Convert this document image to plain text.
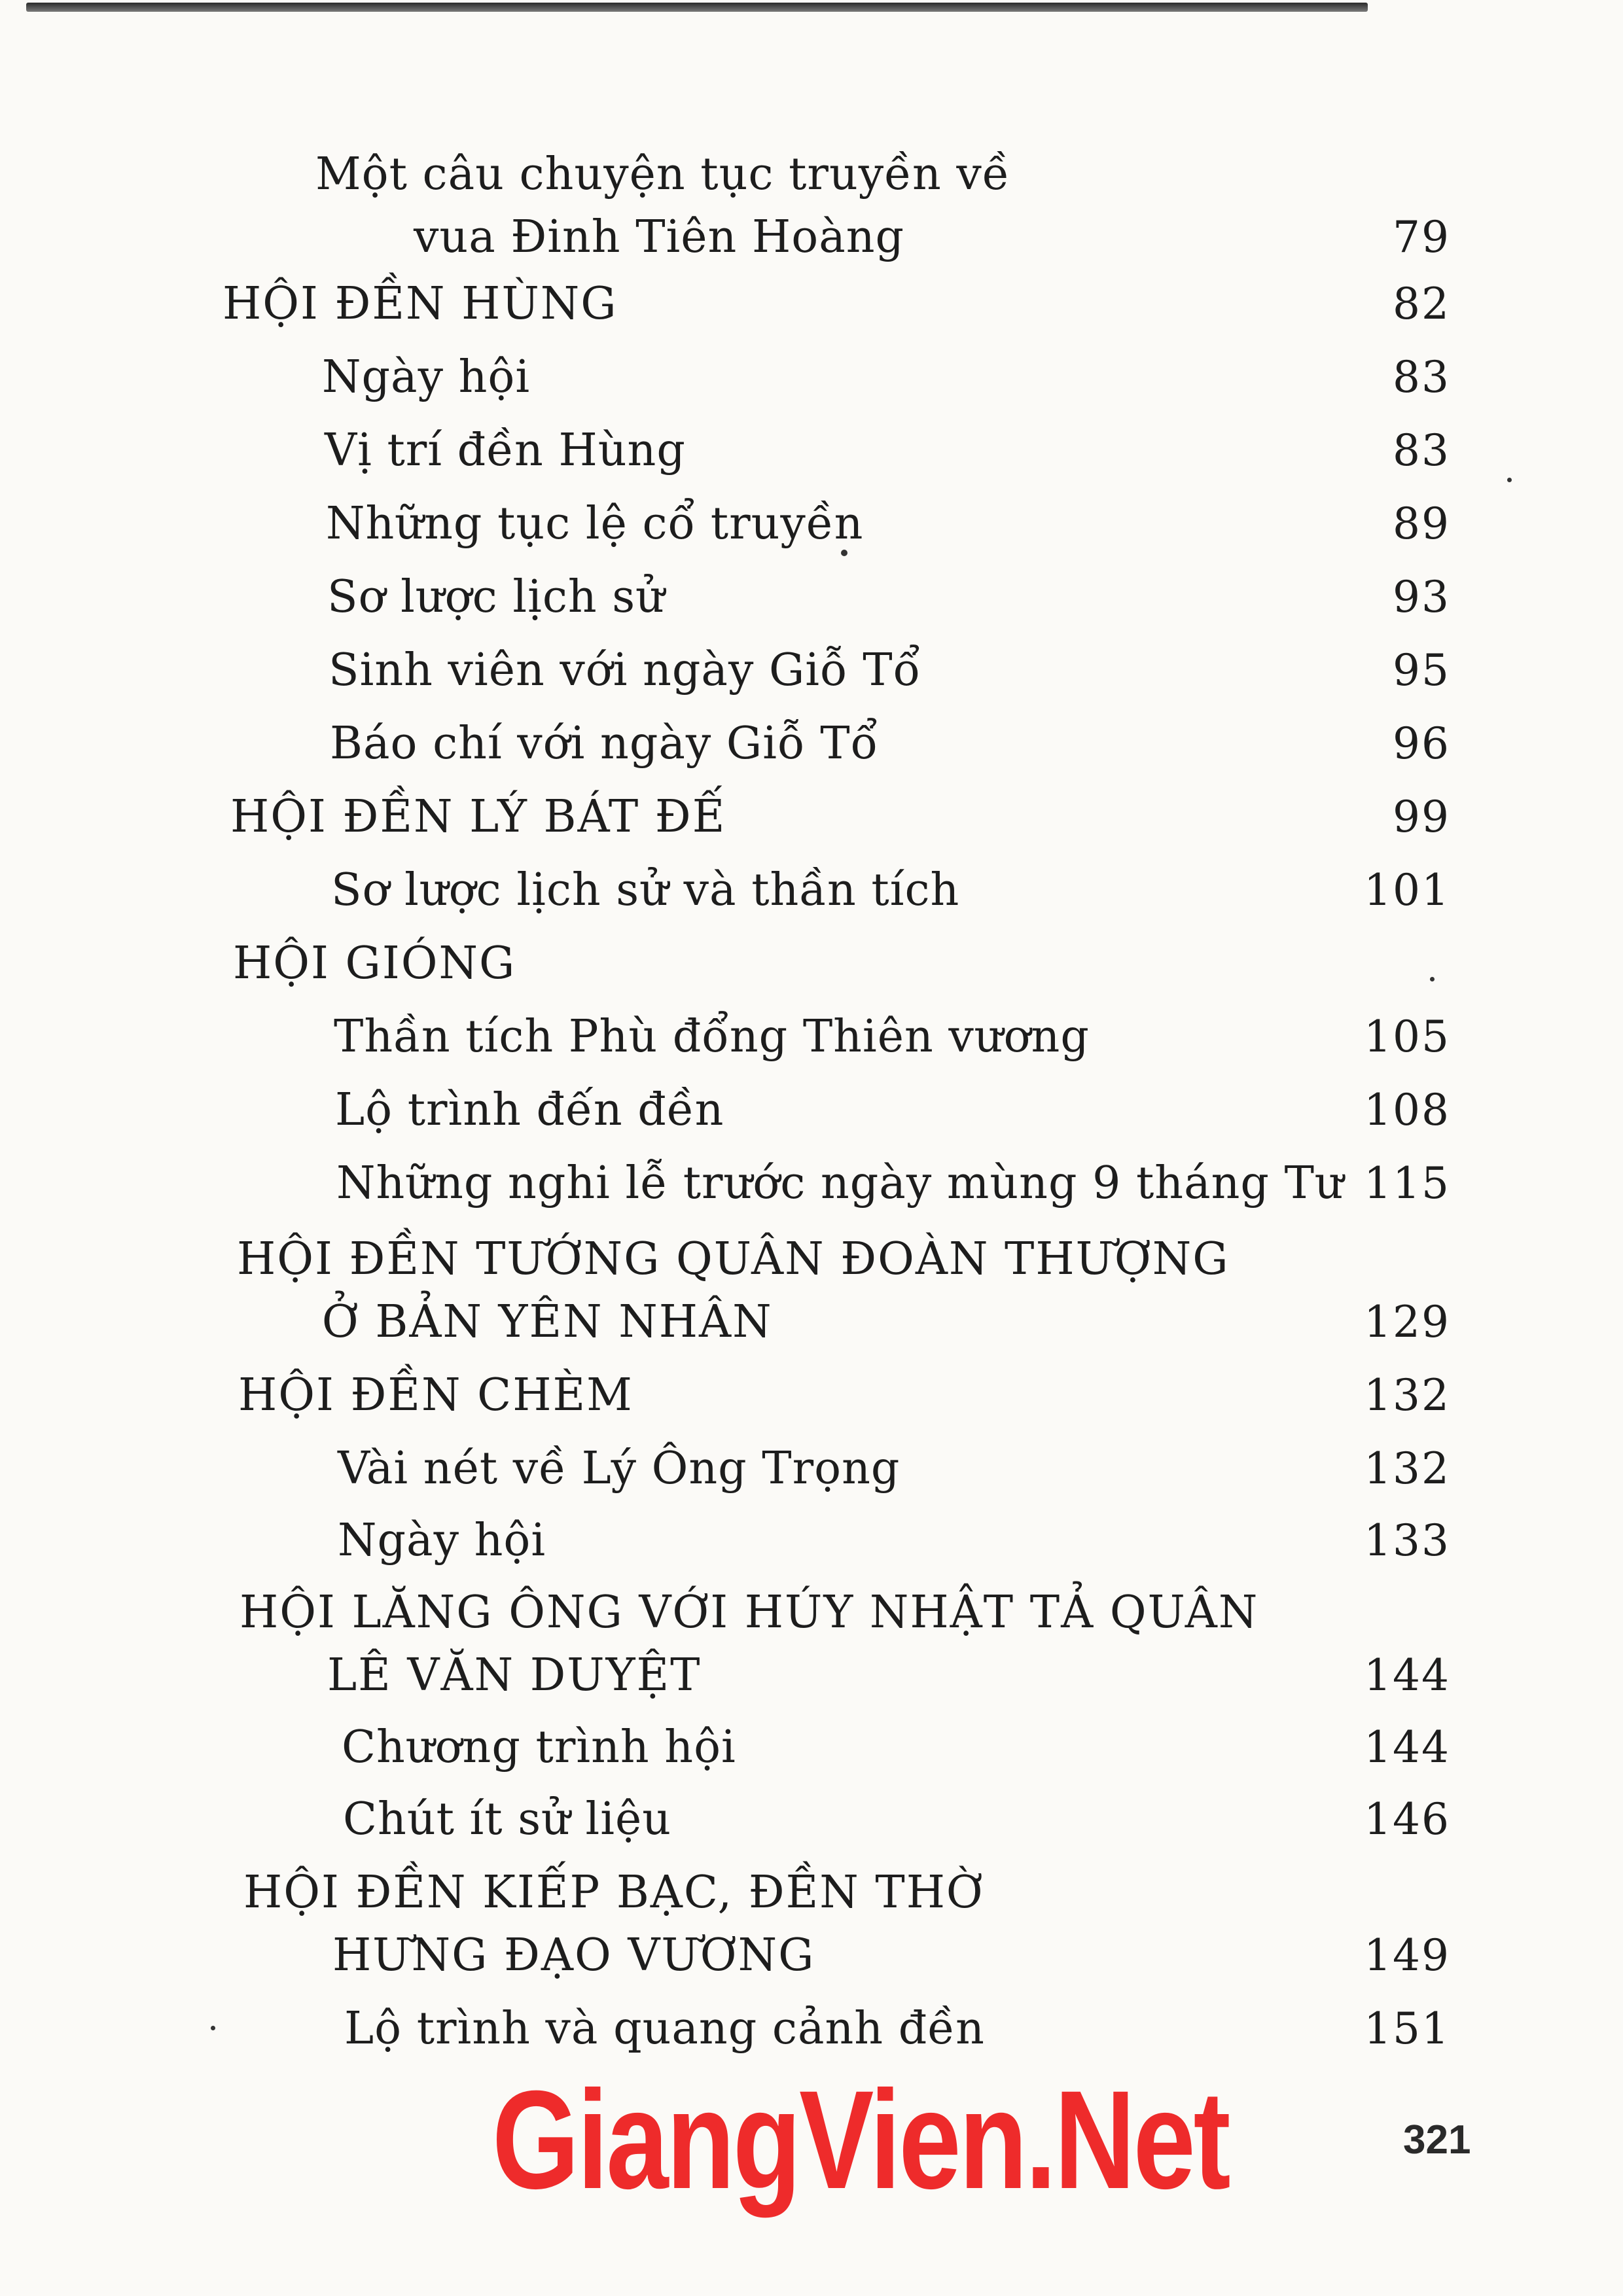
Một câu chuyện tục truyền về
vua Đinh Tiên Hoàng	79
HỘI ĐỀN HÙNG	82
Ngày hội	83
Vị trí đền Hùng	83
Những tục lệ cổ truyền	89
Sơ lược lịch sử	93
Sinh viên với ngày Giỗ Tổ	95
Báo chí với ngày Giỗ Tổ	96
HỘI ĐỀN LÝ BÁT ĐẾ	99
Sơ lược lịch sử và thần tích	101
HỘI GIÓNG
Thần tích Phù đổng Thiên vương	105
Lộ trình đến đền	108
Những nghi lễ trước ngày mùng 9 tháng Tư 115
HỘI ĐỀN TƯỚNG QUÂN ĐOÀN THƯỢNG
Ở BẢN YÊN NHÂN	129
HỘI ĐỀN CHÈM	132
Vài nét về Lý Ông Trọng	132
Ngày hội	133
HỘI LĂNG ÔNG VỚI HÚY NHẬT TẢ QUÂN
LÊ VĂN DUYỆT	144
Chương trình hội	144
Chút ít sử liệu	146
HỘI ĐỀN KIẾP BẠC, ĐỀN THỜ
HƯNG ĐẠO VƯƠNG	149
Lộ trình và quang cảnh đền	151
GiangVien.Net	321
